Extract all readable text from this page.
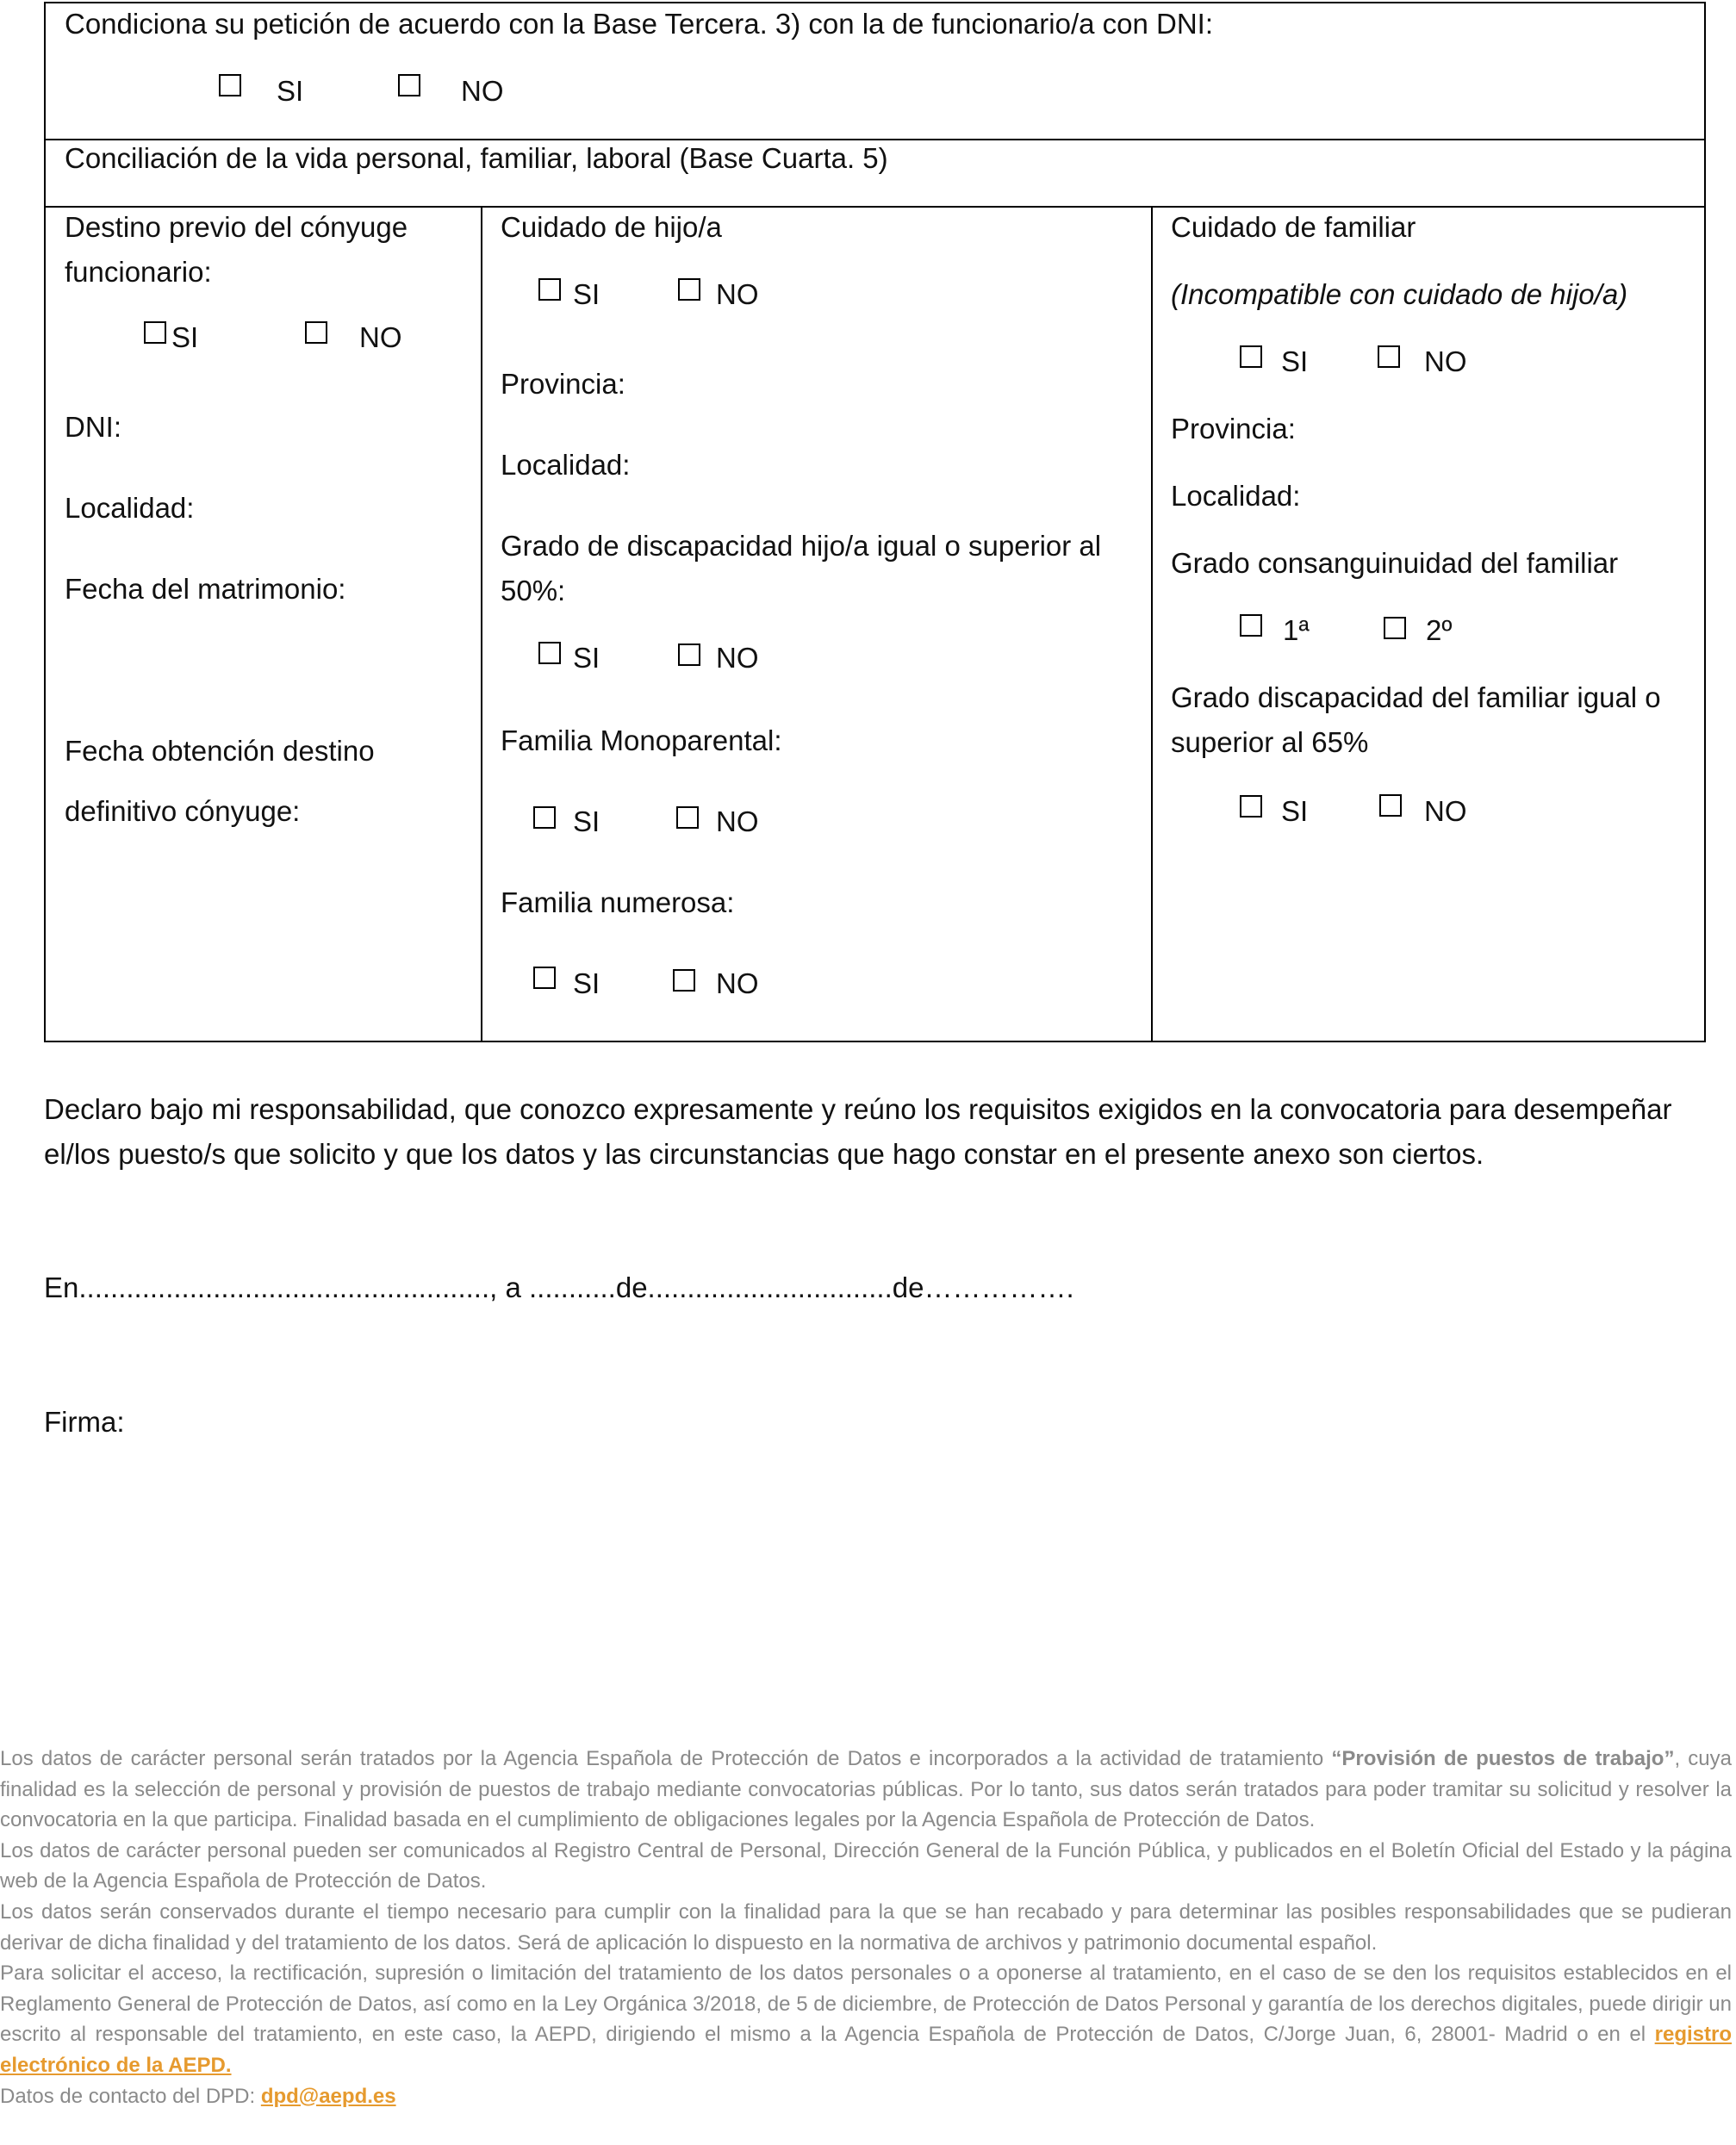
Condiciona su petición de acuerdo con la Base Tercera. 3) con la de funcionario/a con DNI:
SI	NO
Conciliación de la vida personal, familiar, laboral (Base Cuarta. 5)
Destino previo del cónyuge funcionario:
SI	NO
DNI:
Localidad:
Fecha del matrimonio:
Fecha obtención destino
definitivo cónyuge:
Cuidado de hijo/a
SI	NO
Provincia:
Localidad:
Grado de discapacidad hijo/a igual o superior al 50%:
SI	NO
Familia Monoparental:
SI	NO
Familia numerosa:
SI	NO
Cuidado de familiar
(Incompatible con cuidado de hijo/a)
SI	NO
Provincia:
Localidad:
Grado consanguinuidad del familiar
1ª	2º
Grado discapacidad del familiar igual o superior al 65%
SI	NO
Declaro bajo mi responsabilidad, que conozco expresamente y reúno los requisitos exigidos en la convocatoria para desempeñar el/los puesto/s que solicito y que los datos y las circunstancias que hago constar en el presente anexo son ciertos.
En...................................................., a ...........de...............................de…………….
Firma:

Los datos de carácter personal serán tratados por la Agencia Española de Protección de Datos e incorporados a la actividad de tratamiento “Provisión de puestos de trabajo”, cuya finalidad es la selección de personal y provisión de puestos de trabajo mediante convocatorias públicas. Por lo tanto, sus datos serán tratados para poder tramitar su solicitud y resolver la convocatoria en la que participa. Finalidad basada en el cumplimiento de obligaciones legales por la Agencia Española de Protección de Datos.

Los datos de carácter personal pueden ser comunicados al Registro Central de Personal, Dirección General de la Función Pública, y publicados en el Boletín Oficial del Estado y la página web de la Agencia Española de Protección de Datos.

Los datos serán conservados durante el tiempo necesario para cumplir con la finalidad para la que se han recabado y para determinar las posibles responsabilidades que se pudieran derivar de dicha finalidad y del tratamiento de los datos. Será de aplicación lo dispuesto en la normativa de archivos y patrimonio documental español.

Para solicitar el acceso, la rectificación, supresión o limitación del tratamiento de los datos personales o a oponerse al tratamiento, en el caso de se den los requisitos establecidos en el Reglamento General de Protección de Datos, así como en la Ley Orgánica 3/2018, de 5 de diciembre, de Protección de Datos Personal y garantía de los derechos digitales, puede dirigir un escrito al responsable del tratamiento, en este caso, la AEPD, dirigiendo el mismo a la Agencia Española de Protección de Datos, C/Jorge Juan, 6, 28001- Madrid o en el registro electrónico de la AEPD.

Datos de contacto del DPD: dpd@aepd.es
